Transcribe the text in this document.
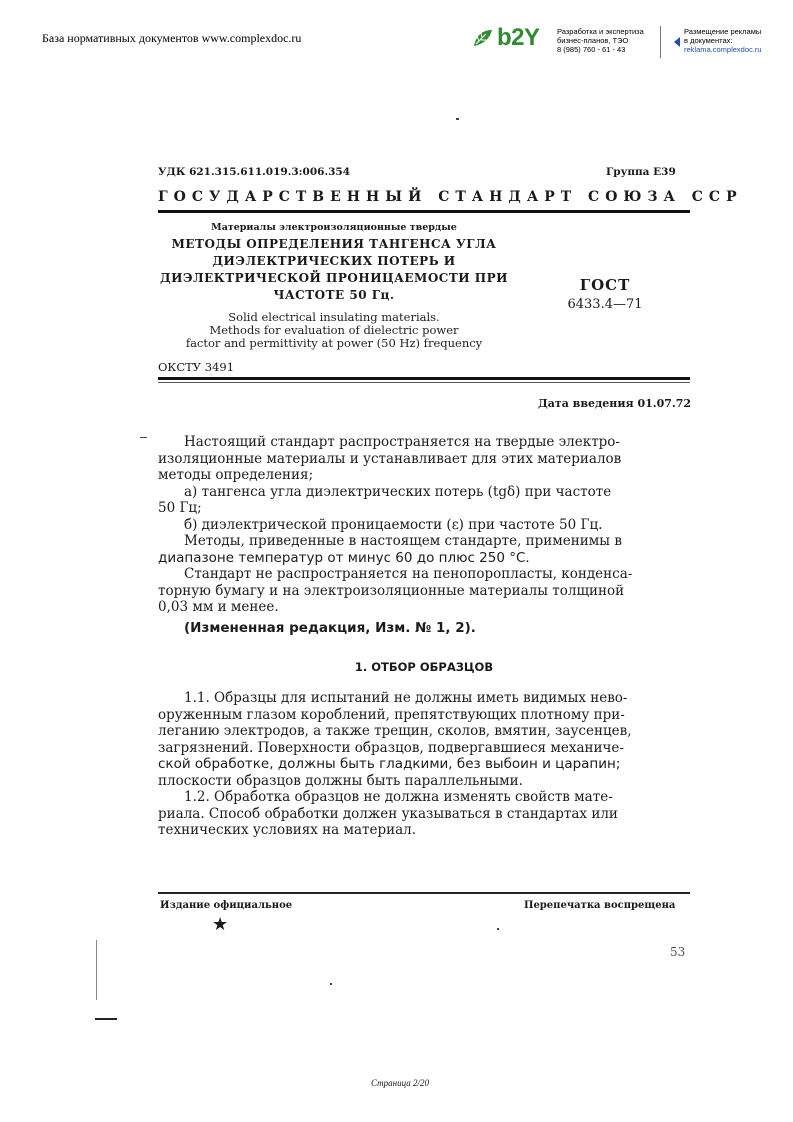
База нормативных документов www.complexdoc.ru	b2Y Разработка и экспертиза
бизнес-планов, ТЭО
8 (985) 760 - 61 - 43
Размещение рекламы
в документах:
reklama.complexdoc.ru
УДК 621.315.611.019.3:006.354	Группа Е39
ГОСУДАРСТВЕННЫЙ СТАНДАРТ СОЮЗА ССР
Материалы электроизоляционные твердые
МЕТОДЫ ОПРЕДЕЛЕНИЯ ТАНГЕНСА УГЛА
ДИЭЛЕКТРИЧЕСКИХ ПОТЕРЬ И
ДИЭЛЕКТРИЧЕСКОЙ ПРОНИЦАЕМОСТИ ПРИ
ЧАСТОТЕ 50 Гц.
Solid electrical insulating materials.
Methods for evaluation of dielectric power
factor and permittivity at power (50 Hz) frequency
ГОСТ
6433.4—71
ОКСТУ 3491
Дата введения 01.07.72
Настоящий стандарт распространяется на твердые электро-
изоляционные материалы и устанавливает для этих материалов
методы определения;
а) тангенса угла диэлектрических потерь (tgδ) при частоте
50 Гц;
б) диэлектрической проницаемости (ε) при частоте 50 Гц.
Методы, приведенные в настоящем стандарте, применимы в
диапазоне температур от минус 60 до плюс 250 °С.
Стандарт не распространяется на пенопоропласты, конденса-
торную бумагу и на электроизоляционные материалы толщиной
0,03 мм и менее.
(Измененная редакция, Изм. № 1, 2).
1. ОТБОР ОБРАЗЦОВ
1.1. Образцы для испытаний не должны иметь видимых нево-
оруженным глазом короблений, препятствующих плотному при-
леганию электродов, а также трещин, сколов, вмятин, заусенцев,
загрязнений. Поверхности образцов, подвергавшиеся механиче-
ской обработке, должны быть гладкими, без выбоин и царапин;
плоскости образцов должны быть параллельными.
1.2. Обработка образцов не должна изменять свойств мате-
риала. Способ обработки должен указываться в стандартах или
технических условиях на материал.
Издание официальное	Перепечатка воспрещена
★
53
Страница 2/20
